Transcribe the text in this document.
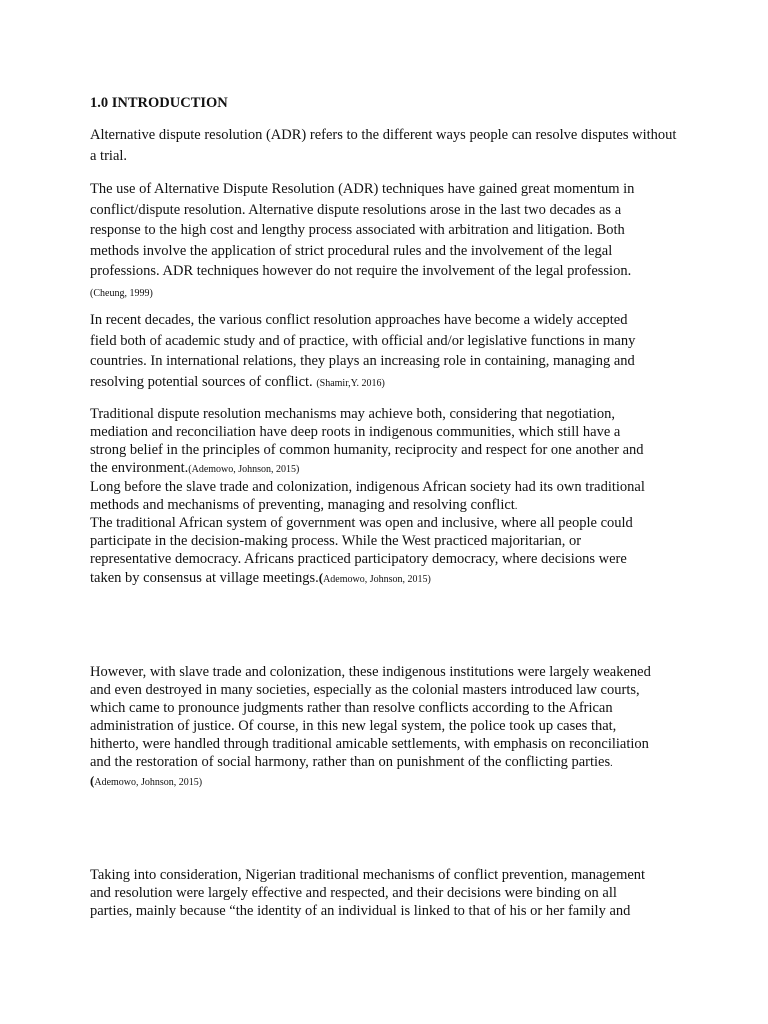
1.0 INTRODUCTION

Alternative dispute resolution (ADR) refers to the different ways people can resolve disputes without a trial.

The use of Alternative Dispute Resolution (ADR) techniques have gained great momentum in
conflict/dispute resolution. Alternative dispute resolutions arose in the last two decades as a
response to the high cost and lengthy process associated with arbitration and litigation. Both
methods involve the application of strict procedural rules and the involvement of the legal
professions. ADR techniques however do not require the involvement of the legal profession.
(Cheung, 1999)

In recent decades, the various conflict resolution approaches have become a widely accepted
field both of academic study and of practice, with official and/or legislative functions in many
countries. In international relations, they plays an increasing role in containing, managing and
resolving potential sources of conflict. (Shamir,Y. 2016)

Traditional dispute resolution mechanisms may achieve both, considering that negotiation,
mediation and reconciliation have deep roots in indigenous communities, which still have a
strong belief in the principles of common humanity, reciprocity and respect for one another and
the environment.(Ademowo, Johnson, 2015)
Long before the slave trade and colonization, indigenous African society had its own traditional
methods and mechanisms of preventing, managing and resolving conflict.
The traditional African system of government was open and inclusive, where all people could
participate in the decision-making process. While the West practiced majoritarian, or
representative democracy. Africans practiced participatory democracy, where decisions were
taken by consensus at village meetings.(Ademowo, Johnson, 2015)
However, with slave trade and colonization, these indigenous institutions were largely weakened
and even destroyed in many societies, especially as the colonial masters introduced law courts,
which came to pronounce judgments rather than resolve conflicts according to the African
administration of justice. Of course, in this new legal system, the police took up cases that,
hitherto, were handled through traditional amicable settlements, with emphasis on reconciliation
and the restoration of social harmony, rather than on punishment of the conflicting parties.
(Ademowo, Johnson, 2015)
Taking into consideration, Nigerian traditional mechanisms of conflict prevention, management
and resolution were largely effective and respected, and their decisions were binding on all
parties, mainly because “the identity of an individual is linked to that of his or her family and
